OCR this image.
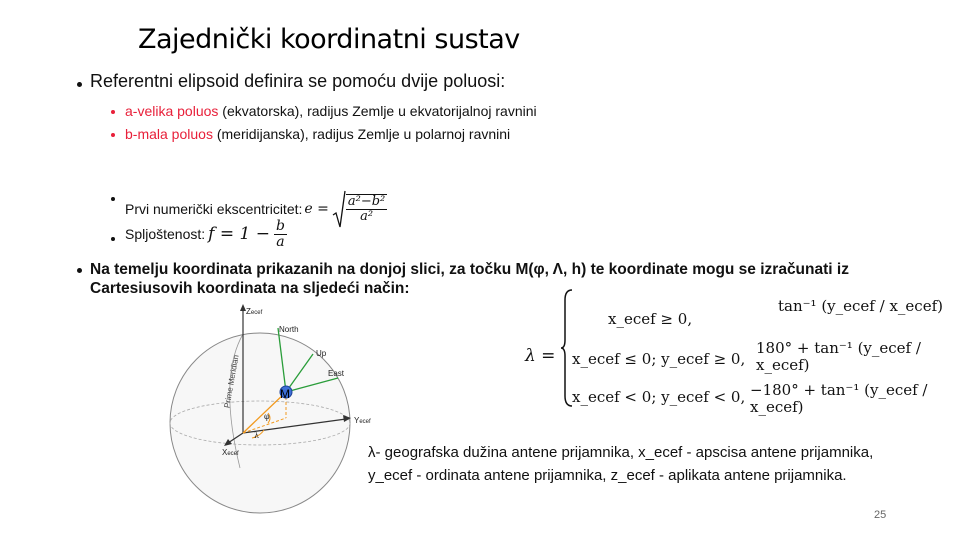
Zajednički koordinatni sustav
Referentni elipsoid definira se pomoću dvije poluosi:
a-velika poluos (ekvatorska), radijus Zemlje u ekvatorijalnoj ravnini
b-mala poluos (meridijanska), radijus Zemlje u polarnoj ravnini
Prvi numerički ekscentricitet: $e = \frac{\text{a²−b²}}{\text{a²}}$
Spljoštenost: $f = 1 - \frac{b}{a}$
Na temelju koordinata prikazanih na donjoj slici, za točku M(φ, Λ, h) te koordinate mogu se izračunati iz Cartesiusovih koordinata na sljedeći način:
Prime Meridian	M
North
Up
East
φ
λ
Zecef
Yecef
Xecef
λ =
x_ecef ≥ 0,
tan⁻¹ (y_ecef / x_ecef)
x_ecef ≤ 0; y_ecef ≥ 0,
180° + tan⁻¹ (y_ecef / x_ecef)
x_ecef < 0; y_ecef < 0, −180° + tan⁻¹ (y_ecef / x_ecef)
λ- geografska dužina antene prijamnika, x_ecef - apscisa antene prijamnika,
y_ecef - ordinata antene prijamnika, z_ecef - aplikata antene prijamnika.
25
